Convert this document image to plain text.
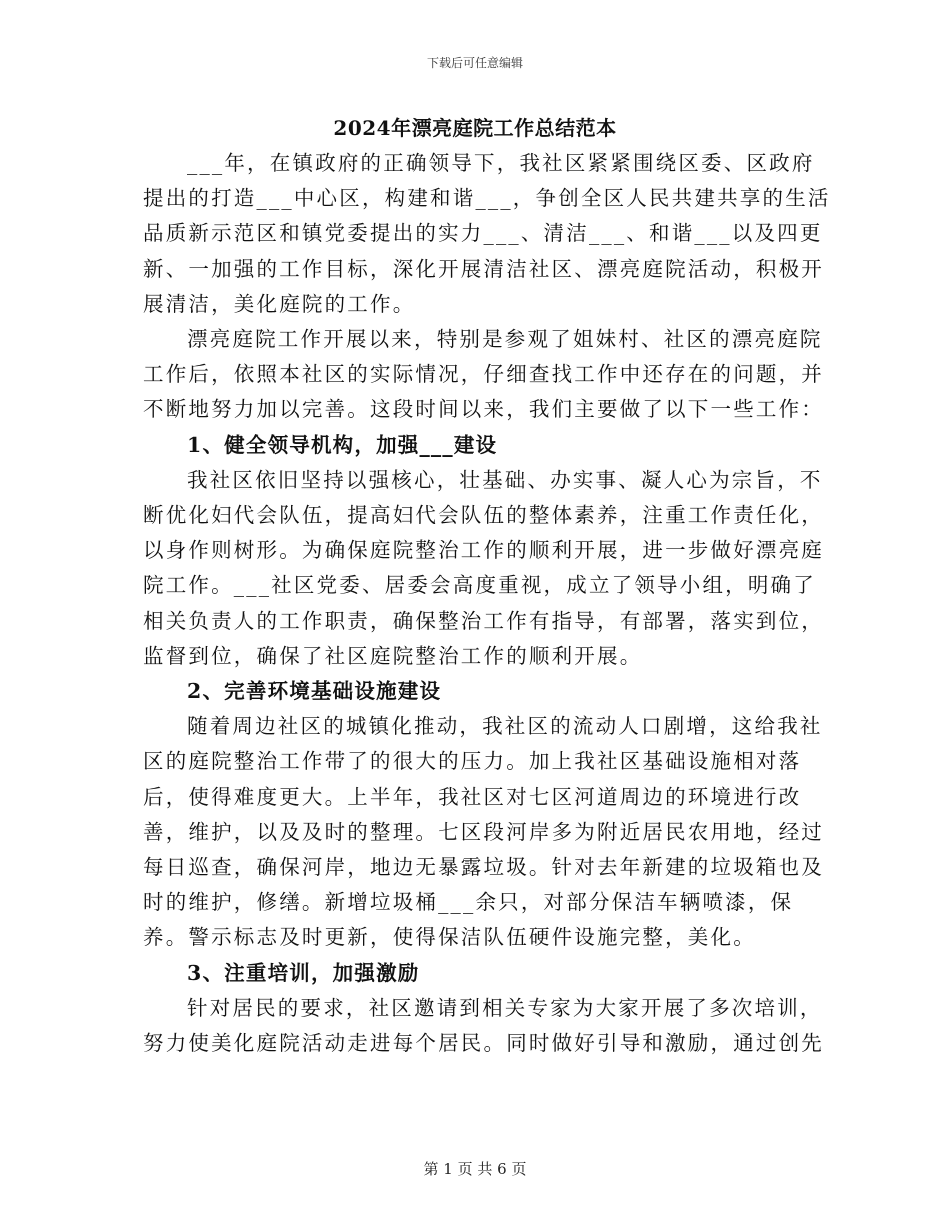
下载后可任意编辑
2024年漂亮庭院工作总结范本

___年，在镇政府的正确领导下，我社区紧紧围绕区委、区政府提出的打造___中心区，构建和谐___，争创全区人民共建共享的生活品质新示范区和镇党委提出的实力___、清洁___、和谐___以及四更新、一加强的工作目标，深化开展清洁社区、漂亮庭院活动，积极开展清洁，美化庭院的工作。

漂亮庭院工作开展以来，特别是参观了姐妹村、社区的漂亮庭院工作后，依照本社区的实际情况，仔细查找工作中还存在的问题，并不断地努力加以完善。这段时间以来，我们主要做了以下一些工作：

1、健全领导机构，加强___建设

我社区依旧坚持以强核心，壮基础、办实事、凝人心为宗旨，不断优化妇代会队伍，提高妇代会队伍的整体素养，注重工作责任化，以身作则树形。为确保庭院整治工作的顺利开展，进一步做好漂亮庭院工作。___社区党委、居委会高度重视，成立了领导小组，明确了相关负责人的工作职责，确保整治工作有指导，有部署，落实到位，监督到位，确保了社区庭院整治工作的顺利开展。

2、完善环境基础设施建设

随着周边社区的城镇化推动，我社区的流动人口剧增，这给我社区的庭院整治工作带了的很大的压力。加上我社区基础设施相对落后，使得难度更大。上半年，我社区对七区河道周边的环境进行改善，维护，以及及时的整理。七区段河岸多为附近居民农用地，经过每日巡查，确保河岸，地边无暴露垃圾。针对去年新建的垃圾箱也及时的维护，修缮。新增垃圾桶___余只，对部分保洁车辆喷漆，保养。警示标志及时更新，使得保洁队伍硬件设施完整，美化。

3、注重培训，加强激励

针对居民的要求，社区邀请到相关专家为大家开展了多次培训，努力使美化庭院活动走进每个居民。同时做好引导和激励，通过创先

第 1 页 共 6 页
